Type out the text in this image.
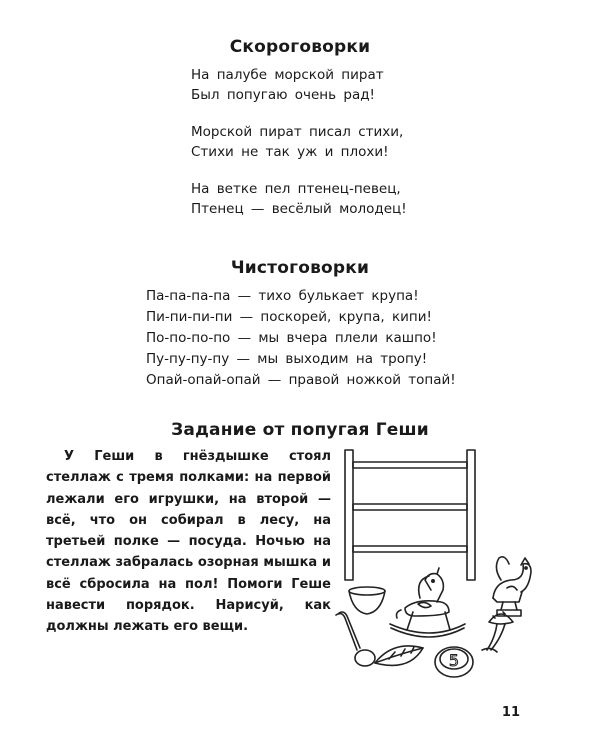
Скороговорки
На палубе морской пират
Был попугаю очень рад!
Морской пират писал стихи,
Стихи не так уж и плохи!
На ветке пел птенец-певец,
Птенец — весёлый молодец!
Чистоговорки
Па-па-па-па — тихо булькает крупа!
Пи-пи-пи-пи — поскорей, крупа, кипи!
По-по-по-по — мы вчера плели кашпо!
Пу-пу-пу-пу — мы выходим на тропу!
Опай-опай-опай — правой ножкой топай!
Задание от попугая Геши

У Геши в гнёздышке стоял стеллаж с тремя полками: на первой лежали его игрушки, на второй — всё, что он собирал в лесу, на третьей полке — посуда. Ночью на стеллаж забралась озорная мышка и всё сбросила на пол! Помоги Геше навести порядок. Нарисуй, как должны лежать его вещи.

5
11
